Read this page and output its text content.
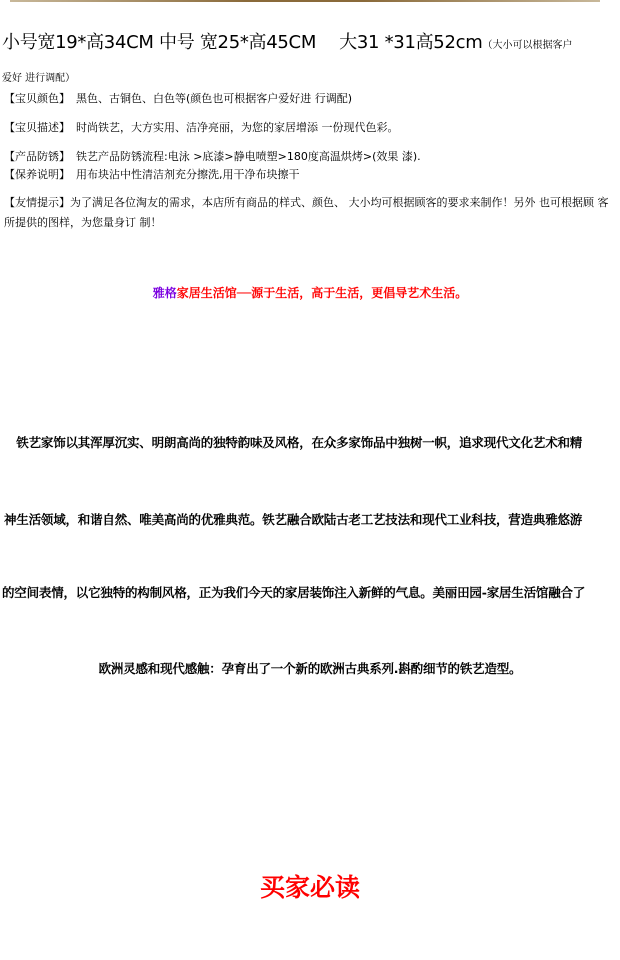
小号宽19*高34CM 中号 宽25*高45CM　 大31 *31高52cm（大小可以根据客户
爱好 进行调配）
【宝贝颜色】 黑色、古铜色、白色等(颜色也可根据客户爱好进 行调配)
【宝贝描述】 时尚铁艺，大方实用、洁净亮丽，为您的家居增添 一份现代色彩。
【产品防锈】 铁艺产品防锈流程:电泳 >底漆>静电喷塑>180度高温烘烤>(效果 漆).
【保养说明】 用布块沾中性清洁剂充分擦洗,用干净布块擦干
【友情提示】为了满足各位淘友的需求，本店所有商品的样式、颜色、 大小均可根据顾客的要求来制作！另外 也可根据顾 客所提供的图样，为您量身订 制！
雅格家居生活馆──源于生活，高于生活，更倡导艺术生活。
　铁艺家饰以其浑厚沉实、明朗高尚的独特韵味及风格，在众多家饰品中独树一帜，追求现代文化艺术和精
神生活领域，和谐自然、唯美高尚的优雅典范。铁艺融合欧陆古老工艺技法和现代工业科技，营造典雅悠游
的空间表情，以它独特的构制风格，正为我们今天的家居装饰注入新鲜的气息。美丽田园-家居生活馆融合了
欧洲灵感和现代感触：孕育出了一个新的欧洲古典系列.斟酌细节的铁艺造型。
买家必读
